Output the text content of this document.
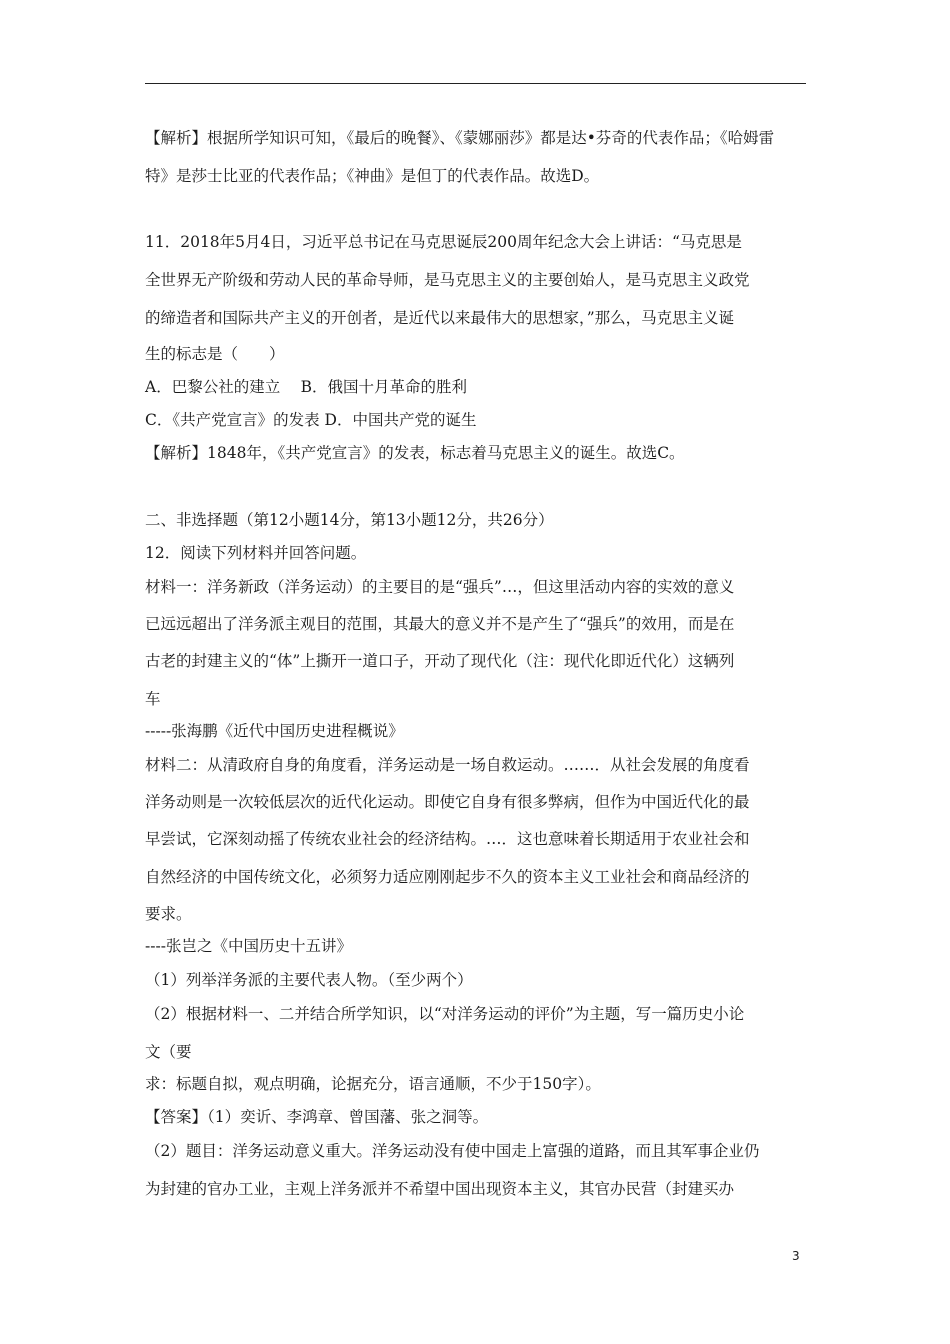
【解析】根据所学知识可知，《最后的晚餐》、《蒙娜丽莎》都是达•芬奇的代表作品；《哈姆雷
特》是莎士比亚的代表作品；《神曲》是但丁的代表作品。故选D。
11．2018年5月4日，习近平总书记在马克思诞辰200周年纪念大会上讲话：“马克思是
全世界无产阶级和劳动人民的革命导师，是马克思主义的主要创始人，是马克思主义政党
的缔造者和国际共产主义的开创者，是近代以来最伟大的思想家，”那么，马克思主义诞
生的标志是（　　）
A．巴黎公社的建立　 B．俄国十月革命的胜利
C．《共产党宣言》的发表 D．中国共产党的诞生
【解析】1848年，《共产党宣言》的发表，标志着马克思主义的诞生。故选C。
二、非选择题（第12小题14分，第13小题12分，共26分）
12．阅读下列材料并回答问题。
材料一：洋务新政（洋务运动）的主要目的是“强兵”…，但这里活动内容的实效的意义
已远远超出了洋务派主观目的范围，其最大的意义并不是产生了“强兵”的效用，而是在
古老的封建主义的“体”上撕开一道口子，开动了现代化（注：现代化即近代化）这辆列
车
-----张海鹏《近代中国历史进程概说》
材料二：从清政府自身的角度看，洋务运动是一场自救运动。……．从社会发展的角度看
洋务动则是一次较低层次的近代化运动。即使它自身有很多弊病，但作为中国近代化的最
早尝试，它深刻动摇了传统农业社会的经济结构。…．这也意味着长期适用于农业社会和
自然经济的中国传统文化，必须努力适应刚刚起步不久的资本主义工业社会和商品经济的
要求。
----张岂之《中国历史十五讲》
（1）列举洋务派的主要代表人物。（至少两个）
（2）根据材料一、二并结合所学知识，以“对洋务运动的评价”为主题，写一篇历史小论
文（要
求：标题自拟，观点明确，论据充分，语言通顺，不少于150字）。
【答案】（1）奕䜣、李鸿章、曾国藩、张之洞等。
（2）题目：洋务运动意义重大。洋务运动没有使中国走上富强的道路，而且其军事企业仍
为封建的官办工业，主观上洋务派并不希望中国出现资本主义，其官办民营（封建买办
3
